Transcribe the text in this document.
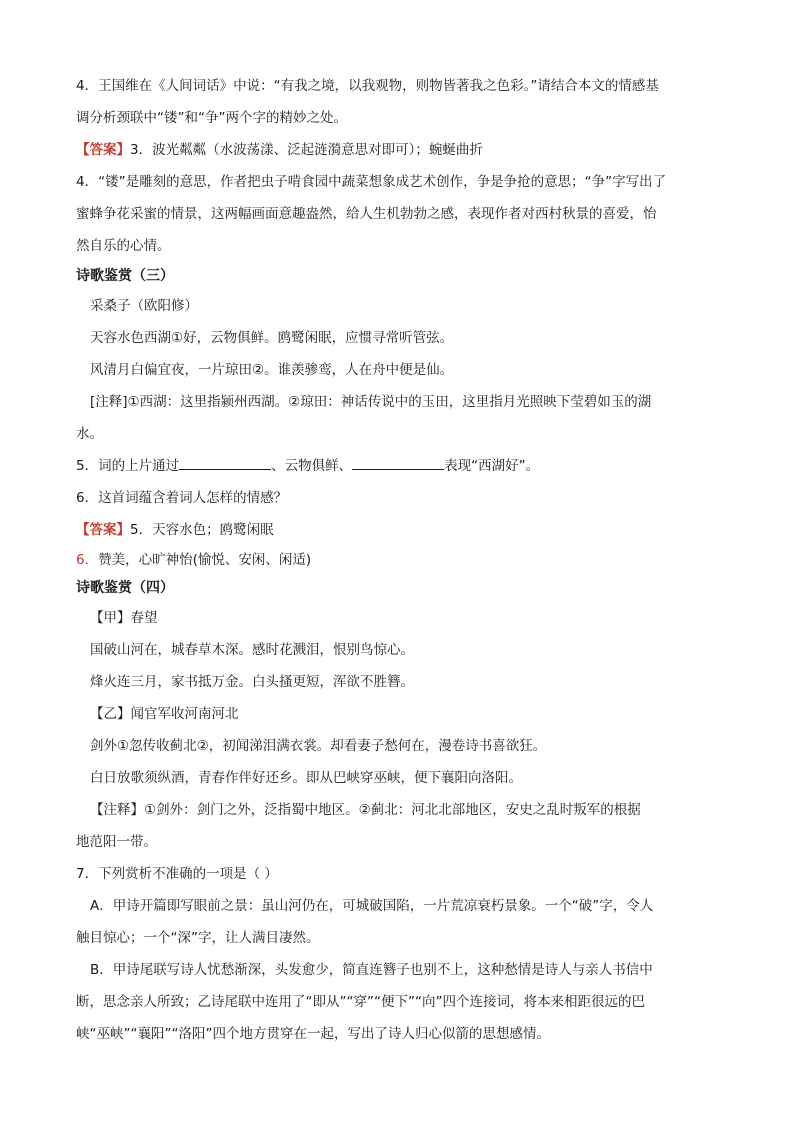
4．王国维在《人间词话》中说：“有我之境，以我观物，则物皆著我之色彩。”请结合本文的情感基

调分析颈联中“镂”和“争”两个字的精妙之处。

【答案】3．波光粼粼（水波荡漾、泛起涟漪意思对即可）；蜿蜒曲折

4．“镂”是雕刻的意思，作者把虫子啃食园中蔬菜想象成艺术创作，争是争抢的意思；“争”字写出了

蜜蜂争花采蜜的情景，这两幅画面意趣盎然，给人生机勃勃之感，表现作者对西村秋景的喜爱，怡

然自乐的心情。

诗歌鉴赏（三）

采桑子（欧阳修）

天容水色西湖①好，云物俱鲜。鸥鹭闲眠，应惯寻常听管弦。

风清月白偏宜夜，一片琼田②。谁羡骖鸾，人在舟中便是仙。

[注释]①西湖：这里指颍州西湖。②琼田：神话传说中的玉田，这里指月光照映下莹碧如玉的湖

水。

5．词的上片通过	、云物俱鲜、	表现“西湖好”。

6．这首词蕴含着词人怎样的情感？

【答案】5．天容水色；鸥鹭闲眠

6．赞美，心旷神怡(愉悦、安闲、闲适)

诗歌鉴赏（四）

【甲】春望

国破山河在，城春草木深。感时花溅泪，恨别鸟惊心。

烽火连三月，家书抵万金。白头搔更短，浑欲不胜簪。

【乙】闻官军收河南河北

剑外①忽传收蓟北②，初闻涕泪满衣裳。却看妻子愁何在，漫卷诗书喜欲狂。

白日放歌须纵酒，青春作伴好还乡。即从巴峡穿巫峡，便下襄阳向洛阳。

【注释】①剑外：剑门之外，泛指蜀中地区。②蓟北：河北北部地区，安史之乱时叛军的根据

地范阳一带。

7．下列赏析不准确的一项是（ ）

A．甲诗开篇即写眼前之景：虽山河仍在，可城破国陷，一片荒凉衰朽景象。一个“破”字，令人

触目惊心；一个“深”字，让人满目凄然。

B．甲诗尾联写诗人忧愁渐深，头发愈少，简直连簪子也别不上，这种愁情是诗人与亲人书信中

断，思念亲人所致；乙诗尾联中连用了“即从”“穿”“便下”“向”四个连接词，将本来相距很远的巴

峡“巫峡”“襄阳”“洛阳”四个地方贯穿在一起，写出了诗人归心似箭的思想感情。
